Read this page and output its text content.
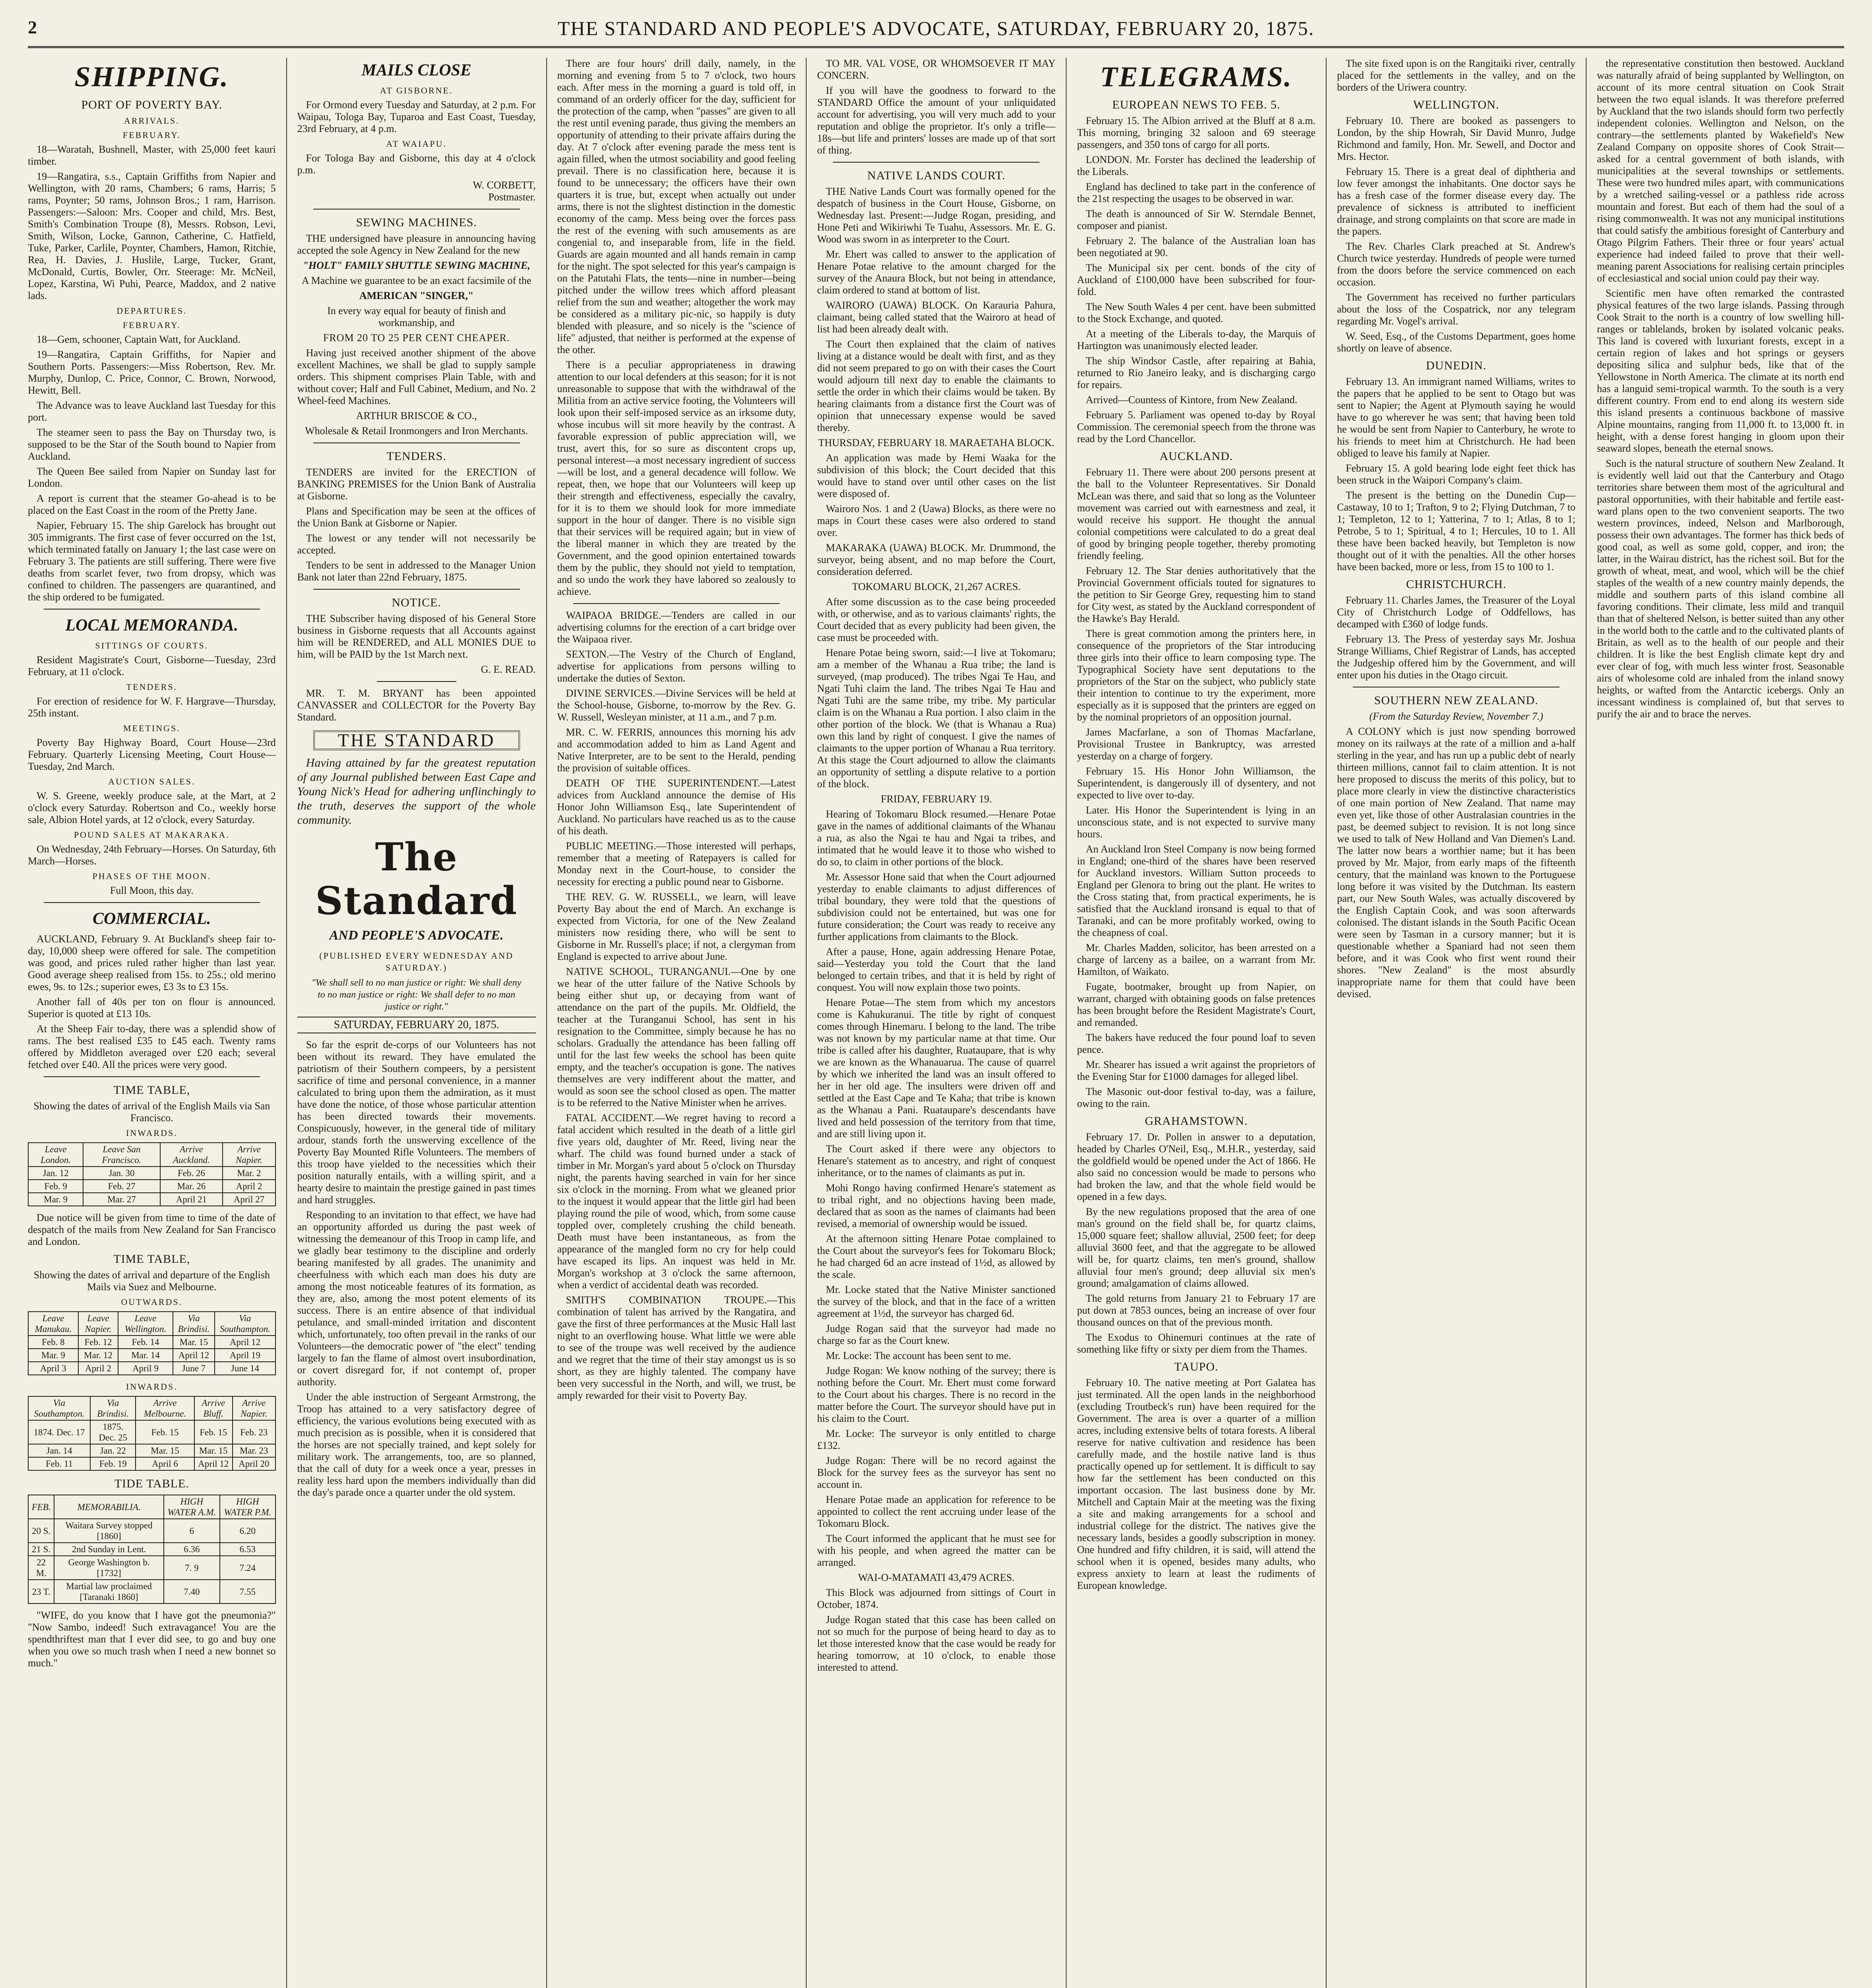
2	THE STANDARD AND PEOPLE'S ADVOCATE, SATURDAY, FEBRUARY 20, 1875.
SHIPPING.
PORT OF POVERTY BAY.
ARRIVALS.
FEBRUARY.

18—Waratah, Bushnell, Master, with 25,000 feet kauri timber.

19—Rangatira, s.s., Captain Griffiths from Napier and Wellington, with 20 rams, Chambers; 6 rams, Harris; 5 rams, Poynter; 50 rams, Johnson Bros.; 1 ram, Harrison. Passengers:—Saloon: Mrs. Cooper and child, Mrs. Best, Smith's Combination Troupe (8), Messrs. Robson, Levi, Smith, Wilson, Locke, Gannon, Catherine, C. Hatfield, Tuke, Parker, Carlile, Poynter, Chambers, Hamon, Ritchie, Rea, H. Davies, J. Huslile, Large, Tucker, Grant, McDonald, Curtis, Bowler, Orr. Steerage: Mr. McNeil, Lopez, Karstina, Wi Puhi, Pearce, Maddox, and 2 native lads.

DEPARTURES.
FEBRUARY.

18—Gem, schooner, Captain Watt, for Auckland.

19—Rangatira, Captain Griffiths, for Napier and Southern Ports. Passengers:—Miss Robertson, Rev. Mr. Murphy, Dunlop, C. Price, Connor, C. Brown, Norwood, Hewitt, Bell.

The Advance was to leave Auckland last Tuesday for this port.

The steamer seen to pass the Bay on Thursday two, is supposed to be the Star of the South bound to Napier from Auckland.

The Queen Bee sailed from Napier on Sunday last for London.

A report is current that the steamer Go-ahead is to be placed on the East Coast in the room of the Pretty Jane.

Napier, February 15. The ship Garelock has brought out 305 immigrants. The first case of fever occurred on the 1st, which terminated fatally on January 1; the last case were on February 3. The patients are still suffering. There were five deaths from scarlet fever, two from dropsy, which was confined to children. The passengers are quarantined, and the ship ordered to be fumigated.

LOCAL MEMORANDA.
SITTINGS OF COURTS.

Resident Magistrate's Court, Gisborne—Tuesday, 23rd February, at 11 o'clock.

TENDERS.

For erection of residence for W. F. Hargrave—Thursday, 25th instant.

MEETINGS.

Poverty Bay Highway Board, Court House—23rd February. Quarterly Licensing Meeting, Court House—Tuesday, 2nd March.

AUCTION SALES.

W. S. Greene, weekly produce sale, at the Mart, at 2 o'clock every Saturday. Robertson and Co., weekly horse sale, Albion Hotel yards, at 12 o'clock, every Saturday.

POUND SALES AT MAKARAKA.

On Wednesday, 24th February—Horses. On Saturday, 6th March—Horses.

PHASES OF THE MOON.

Full Moon, this day.

COMMERCIAL.

AUCKLAND, February 9. At Buckland's sheep fair to-day, 10,000 sheep were offered for sale. The competition was good, and prices ruled rather higher than last year. Good average sheep realised from 15s. to 25s.; old merino ewes, 9s. to 12s.; superior ewes, £3 3s to £3 15s.

Another fall of 40s per ton on flour is announced. Superior is quoted at £13 10s.

At the Sheep Fair to-day, there was a splendid show of rams. The best realised £35 to £45 each. Twenty rams offered by Middleton averaged over £20 each; several fetched over £40. All the prices were very good.

TIME TABLE,

Showing the dates of arrival of the English Mails via San Francisco.

INWARDS.
Leave London.	Leave San Francisco.	Arrive Auckland.	Arrive Napier.
Jan. 12	Jan. 30	Feb. 26	Mar. 2
Feb. 9	Feb. 27	Mar. 26	April 2
Mar. 9	Mar. 27	April 21	April 27

Due notice will be given from time to time of the date of despatch of the mails from New Zealand for San Francisco and London.

TIME TABLE,

Showing the dates of arrival and departure of the English Mails via Suez and Melbourne.

OUTWARDS.
Leave Manukau.	Leave Napier.	Leave Wellington.	Via Brindisi.	Via Southampton.
Feb. 8	Feb. 12	Feb. 14	Mar. 15	April 12
Mar. 9	Mar. 12	Mar. 14	April 12	April 19
April 3	April 2	April 9	June 7	June 14
INWARDS.
Via Southampton.	Via Brindisi.	Arrive Melbourne.	Arrive Bluff.	Arrive Napier.
1874. Dec. 17	1875. Dec. 25	Feb. 15	Feb. 15	Feb. 23
Jan. 14	Jan. 22	Mar. 15	Mar. 15	Mar. 23
Feb. 11	Feb. 19	April 6	April 12	April 20
TIDE TABLE.
FEB.	MEMORABILIA.	HIGH WATER A.M.	HIGH WATER P.M.
20 S.	Waitara Survey stopped [1860]	6	6.20
21 S.	2nd Sunday in Lent.	6.36	6.53
22 M.	George Washington b. [1732]	7. 9	7.24
23 T.	Martial law proclaimed [Taranaki 1860]	7.40	7.55

"WIFE, do you know that I have got the pneumonia?" "Now Sambo, indeed! Such extravagance! You are the spendthriftest man that I ever did see, to go and buy one when you owe so much trash when I need a new bonnet so much."

MAILS CLOSE
AT GISBORNE.

For Ormond every Tuesday and Saturday, at 2 p.m. For Waipau, Tologa Bay, Tuparoa and East Coast, Tuesday, 23rd February, at 4 p.m.

AT WAIAPU.

For Tologa Bay and Gisborne, this day at 4 o'clock p.m.

W. CORBETT,
Postmaster.
SEWING MACHINES.

THE undersigned have pleasure in announcing having accepted the sole Agency in New Zealand for the new

"HOLT" FAMILY SHUTTLE SEWING MACHINE,

A Machine we guarantee to be an exact facsimile of the

AMERICAN "SINGER,"

In every way equal for beauty of finish and workmanship, and

FROM 20 TO 25 PER CENT CHEAPER.

Having just received another shipment of the above excellent Machines, we shall be glad to supply sample orders. This shipment comprises Plain Table, with and without cover; Half and Full Cabinet, Medium, and No. 2 Wheel-feed Machines.

ARTHUR BRISCOE & CO.,

Wholesale & Retail Ironmongers and Iron Merchants.

TENDERS.

TENDERS are invited for the ERECTION of BANKING PREMISES for the Union Bank of Australia at Gisborne.

Plans and Specification may be seen at the offices of the Union Bank at Gisborne or Napier.

The lowest or any tender will not necessarily be accepted.

Tenders to be sent in addressed to the Manager Union Bank not later than 22nd February, 1875.

NOTICE.

THE Subscriber having disposed of his General Store business in Gisborne requests that all Accounts against him will be RENDERED, and ALL MONIES DUE to him, will be PAID by the 1st March next.

G. E. READ.

MR. T. M. BRYANT has been appointed CANVASSER and COLLECTOR for the Poverty Bay Standard.

THE STANDARD

Having attained by far the greatest reputation of any Journal published between East Cape and Young Nick's Head for adhering unflinchingly to the truth, deserves the support of the whole community.

The Standard
AND PEOPLE'S ADVOCATE.
(PUBLISHED EVERY WEDNESDAY AND SATURDAY.)
"We shall sell to no man justice or right: We shall deny to no man justice or right: We shall defer to no man justice or right."
SATURDAY, FEBRUARY 20, 1875.

So far the esprit de-corps of our Volunteers has not been without its reward. They have emulated the patriotism of their Southern compeers, by a persistent sacrifice of time and personal convenience, in a manner calculated to bring upon them the admiration, as it must have done the notice, of those whose particular attention has been directed towards their movements. Conspicuously, however, in the general tide of military ardour, stands forth the unswerving excellence of the Poverty Bay Mounted Rifle Volunteers. The members of this troop have yielded to the necessities which their position naturally entails, with a willing spirit, and a hearty desire to maintain the prestige gained in past times and hard struggles.

Responding to an invitation to that effect, we have had an opportunity afforded us during the past week of witnessing the demeanour of this Troop in camp life, and we gladly bear testimony to the discipline and orderly bearing manifested by all grades. The unanimity and cheerfulness with which each man does his duty are among the most noticeable features of its formation, as they are, also, among the most potent elements of its success. There is an entire absence of that individual petulance, and small-minded irritation and discontent which, unfortunately, too often prevail in the ranks of our Volunteers—the democratic power of "the elect" tending largely to fan the flame of almost overt insubordination, or covert disregard for, if not contempt of, proper authority.

Under the able instruction of Sergeant Armstrong, the Troop has attained to a very satisfactory degree of efficiency, the various evolutions being executed with as much precision as is possible, when it is considered that the horses are not specially trained, and kept solely for military work. The arrangements, too, are so planned, that the call of duty for a week once a year, presses in reality less hard upon the members individually than did the day's parade once a quarter under the old system.

There are four hours' drill daily, namely, in the morning and evening from 5 to 7 o'clock, two hours each. After mess in the morning a guard is told off, in command of an orderly officer for the day, sufficient for the protection of the camp, when "passes" are given to all the rest until evening parade, thus giving the members an opportunity of attending to their private affairs during the day. At 7 o'clock after evening parade the mess tent is again filled, when the utmost sociability and good feeling prevail. There is no classification here, because it is found to be unnecessary; the officers have their own quarters it is true, but, except when actually out under arms, there is not the slightest distinction in the domestic economy of the camp. Mess being over the forces pass the rest of the evening with such amusements as are congenial to, and inseparable from, life in the field. Guards are again mounted and all hands remain in camp for the night. The spot selected for this year's campaign is on the Patutahi Flats, the tents—nine in number—being pitched under the willow trees which afford pleasant relief from the sun and weather; altogether the work may be considered as a military pic-nic, so happily is duty blended with pleasure, and so nicely is the "science of life" adjusted, that neither is performed at the expense of the other.

There is a peculiar appropriateness in drawing attention to our local defenders at this season; for it is not unreasonable to suppose that with the withdrawal of the Militia from an active service footing, the Volunteers will look upon their self-imposed service as an irksome duty, whose incubus will sit more heavily by the contrast. A favorable expression of public appreciation will, we trust, avert this, for so sure as discontent crops up, personal interest—a most necessary ingredient of success—will be lost, and a general decadence will follow. We repeat, then, we hope that our Volunteers will keep up their strength and effectiveness, especially the cavalry, for it is to them we should look for more immediate support in the hour of danger. There is no visible sign that their services will be required again; but in view of the liberal manner in which they are treated by the Government, and the good opinion entertained towards them by the public, they should not yield to temptation, and so undo the work they have labored so zealously to achieve.

WAIPAOA BRIDGE.—Tenders are called in our advertising columns for the erection of a cart bridge over the Waipaoa river.

SEXTON.—The Vestry of the Church of England, advertise for applications from persons willing to undertake the duties of Sexton.

DIVINE SERVICES.—Divine Services will be held at the School-house, Gisborne, to-morrow by the Rev. G. W. Russell, Wesleyan minister, at 11 a.m., and 7 p.m.

MR. C. W. FERRIS, announces this morning his adv and accommodation added to him as Land Agent and Native Interpreter, are to be sent to the Herald, pending the provision of suitable offices.

DEATH OF THE SUPERINTENDENT.—Latest advices from Auckland announce the demise of His Honor John Williamson Esq., late Superintendent of Auckland. No particulars have reached us as to the cause of his death.

PUBLIC MEETING.—Those interested will perhaps, remember that a meeting of Ratepayers is called for Monday next in the Court-house, to consider the necessity for erecting a public pound near to Gisborne.

THE REV. G. W. RUSSELL, we learn, will leave Poverty Bay about the end of March. An exchange is expected from Victoria, for one of the New Zealand ministers now residing there, who will be sent to Gisborne in Mr. Russell's place; if not, a clergyman from England is expected to arrive about June.

NATIVE SCHOOL, TURANGANUI.—One by one we hear of the utter failure of the Native Schools by being either shut up, or decaying from want of attendance on the part of the pupils. Mr. Oldfield, the teacher at the Turanganui School, has sent in his resignation to the Committee, simply because he has no scholars. Gradually the attendance has been falling off until for the last few weeks the school has been quite empty, and the teacher's occupation is gone. The natives themselves are very indifferent about the matter, and would as soon see the school closed as open. The matter is to be referred to the Native Minister when he arrives.

FATAL ACCIDENT.—We regret having to record a fatal accident which resulted in the death of a little girl five years old, daughter of Mr. Reed, living near the wharf. The child was found burned under a stack of timber in Mr. Morgan's yard about 5 o'clock on Thursday night, the parents having searched in vain for her since six o'clock in the morning. From what we gleaned prior to the inquest it would appear that the little girl had been playing round the pile of wood, which, from some cause toppled over, completely crushing the child beneath. Death must have been instantaneous, as from the appearance of the mangled form no cry for help could have escaped its lips. An inquest was held in Mr. Morgan's workshop at 3 o'clock the same afternoon, when a verdict of accidental death was recorded.

SMITH'S COMBINATION TROUPE.—This combination of talent has arrived by the Rangatira, and gave the first of three performances at the Music Hall last night to an overflowing house. What little we were able to see of the troupe was well received by the audience and we regret that the time of their stay amongst us is so short, as they are highly talented. The company have been very successful in the North, and will, we trust, be amply rewarded for their visit to Poverty Bay.

TO MR. VAL VOSE, OR WHOMSOEVER IT MAY CONCERN.

If you will have the goodness to forward to the STANDARD Office the amount of your unliquidated account for advertising, you will very much add to your reputation and oblige the proprietor. It's only a trifle—18s—but life and printers' losses are made up of that sort of thing.

NATIVE LANDS COURT.

THE Native Lands Court was formally opened for the despatch of business in the Court House, Gisborne, on Wednesday last. Present:—Judge Rogan, presiding, and Hone Peti and Wikiriwhi Te Tuahu, Assessors. Mr. E. G. Wood was sworn in as interpreter to the Court.

Mr. Ehert was called to answer to the application of Henare Potae relative to the amount charged for the survey of the Anaura Block, but not being in attendance, claim ordered to stand at bottom of list.

WAIRORO (UAWA) BLOCK. On Karauria Pahura, claimant, being called stated that the Wairoro at head of list had been already dealt with.

The Court then explained that the claim of natives living at a distance would be dealt with first, and as they did not seem prepared to go on with their cases the Court would adjourn till next day to enable the claimants to settle the order in which their claims would be taken. By hearing claimants from a distance first the Court was of opinion that unnecessary expense would be saved thereby.

THURSDAY, FEBRUARY 18. MARAETAHA BLOCK.

An application was made by Hemi Waaka for the subdivision of this block; the Court decided that this would have to stand over until other cases on the list were disposed of.

Wairoro Nos. 1 and 2 (Uawa) Blocks, as there were no maps in Court these cases were also ordered to stand over.

MAKARAKA (UAWA) BLOCK. Mr. Drummond, the surveyor, being absent, and no map before the Court, consideration deferred.

TOKOMARU BLOCK, 21,267 ACRES.

After some discussion as to the case being proceeded with, or otherwise, and as to various claimants' rights, the Court decided that as every publicity had been given, the case must be proceeded with.

Henare Potae being sworn, said:—I live at Tokomaru; am a member of the Whanau a Rua tribe; the land is surveyed, (map produced). The tribes Ngai Te Hau, and Ngati Tuhi claim the land. The tribes Ngai Te Hau and Ngati Tuhi are the same tribe, my tribe. My particular claim is on the Whanau a Rua portion. I also claim in the other portion of the block. We (that is Whanau a Rua) own this land by right of conquest. I give the names of claimants to the upper portion of Whanau a Rua territory. At this stage the Court adjourned to allow the claimants an opportunity of settling a dispute relative to a portion of the block.

FRIDAY, FEBRUARY 19.

Hearing of Tokomaru Block resumed.—Henare Potae gave in the names of additional claimants of the Whanau a rua, as also the Ngai te hau and Ngai ta tribes, and intimated that he would leave it to those who wished to do so, to claim in other portions of the block.

Mr. Assessor Hone said that when the Court adjourned yesterday to enable claimants to adjust differences of tribal boundary, they were told that the questions of subdivision could not be entertained, but was one for future consideration; the Court was ready to receive any further applications from claimants to the Block.

After a pause, Hone, again addressing Henare Potae, said—Yesterday you told the Court that the land belonged to certain tribes, and that it is held by right of conquest. You will now explain those two points.

Henare Potae—The stem from which my ancestors come is Kahukuranui. The title by right of conquest comes through Hinemaru. I belong to the land. The tribe was not known by my particular name at that time. Our tribe is called after his daughter, Ruataupare, that is why we are known as the Whanauarua. The cause of quarrel by which we inherited the land was an insult offered to her in her old age. The insulters were driven off and settled at the East Cape and Te Kaha; that tribe is known as the Whanau a Pani. Ruataupare's descendants have lived and held possession of the territory from that time, and are still living upon it.

The Court asked if there were any objectors to Henare's statement as to ancestry, and right of conquest inheritance, or to the names of claimants as put in.

Mohi Rongo having confirmed Henare's statement as to tribal right, and no objections having been made, declared that as soon as the names of claimants had been revised, a memorial of ownership would be issued.

At the afternoon sitting Henare Potae complained to the Court about the surveyor's fees for Tokomaru Block; he had charged 6d an acre instead of 1½d, as allowed by the scale.

Mr. Locke stated that the Native Minister sanctioned the survey of the block, and that in the face of a written agreement at 1½d, the surveyor has charged 6d.

Judge Rogan said that the surveyor had made no charge so far as the Court knew.

Mr. Locke: The account has been sent to me.

Judge Rogan: We know nothing of the survey; there is nothing before the Court. Mr. Ehert must come forward to the Court about his charges. There is no record in the matter before the Court. The surveyor should have put in his claim to the Court.

Mr. Locke: The surveyor is only entitled to charge £132.

Judge Rogan: There will be no record against the Block for the survey fees as the surveyor has sent no account in.

Henare Potae made an application for reference to be appointed to collect the rent accruing under lease of the Tokomaru Block.

The Court informed the applicant that he must see for with his people, and when agreed the matter can be arranged.

WAI-O-MATAMATI 43,479 ACRES.

This Block was adjourned from sittings of Court in October, 1874.

Judge Rogan stated that this case has been called on not so much for the purpose of being heard to day as to let those interested know that the case would be ready for hearing tomorrow, at 10 o'clock, to enable those interested to attend.

TELEGRAMS.
EUROPEAN NEWS TO FEB. 5.

February 15. The Albion arrived at the Bluff at 8 a.m. This morning, bringing 32 saloon and 69 steerage passengers, and 350 tons of cargo for all ports.

LONDON. Mr. Forster has declined the leadership of the Liberals.

England has declined to take part in the conference of the 21st respecting the usages to be observed in war.

The death is announced of Sir W. Sterndale Bennet, composer and pianist.

February 2. The balance of the Australian loan has been negotiated at 90.

The Municipal six per cent. bonds of the city of Auckland of £100,000 have been subscribed for four-fold.

The New South Wales 4 per cent. have been submitted to the Stock Exchange, and quoted.

At a meeting of the Liberals to-day, the Marquis of Hartington was unanimously elected leader.

The ship Windsor Castle, after repairing at Bahia, returned to Rio Janeiro leaky, and is discharging cargo for repairs.

Arrived—Countess of Kintore, from New Zealand.

February 5. Parliament was opened to-day by Royal Commission. The ceremonial speech from the throne was read by the Lord Chancellor.

AUCKLAND.

February 11. There were about 200 persons present at the ball to the Volunteer Representatives. Sir Donald McLean was there, and said that so long as the Volunteer movement was carried out with earnestness and zeal, it would receive his support. He thought the annual colonial competitions were calculated to do a great deal of good by bringing people together, thereby promoting friendly feeling.

February 12. The Star denies authoritatively that the Provincial Government officials touted for signatures to the petition to Sir George Grey, requesting him to stand for City west, as stated by the Auckland correspondent of the Hawke's Bay Herald.

There is great commotion among the printers here, in consequence of the proprietors of the Star introducing three girls into their office to learn composing type. The Typographical Society have sent deputations to the proprietors of the Star on the subject, who publicly state their intention to continue to try the experiment, more especially as it is supposed that the printers are egged on by the nominal proprietors of an opposition journal.

James Macfarlane, a son of Thomas Macfarlane, Provisional Trustee in Bankruptcy, was arrested yesterday on a charge of forgery.

February 15. His Honor John Williamson, the Superintendent, is dangerously ill of dysentery, and not expected to live over to-day.

Later. His Honor the Superintendent is lying in an unconscious state, and is not expected to survive many hours.

An Auckland Iron Steel Company is now being formed in England; one-third of the shares have been reserved for Auckland investors. William Sutton proceeds to England per Glenora to bring out the plant. He writes to the Cross stating that, from practical experiments, he is satisfied that the Auckland ironsand is equal to that of Taranaki, and can be more profitably worked, owing to the cheapness of coal.

Mr. Charles Madden, solicitor, has been arrested on a charge of larceny as a bailee, on a warrant from Mr. Hamilton, of Waikato.

Fugate, bootmaker, brought up from Napier, on warrant, charged with obtaining goods on false pretences has been brought before the Resident Magistrate's Court, and remanded.

The bakers have reduced the four pound loaf to seven pence.

Mr. Shearer has issued a writ against the proprietors of the Evening Star for £1000 damages for alleged libel.

The Masonic out-door festival to-day, was a failure, owing to the rain.

GRAHAMSTOWN.

February 17. Dr. Pollen in answer to a deputation, headed by Charles O'Neil, Esq., M.H.R., yesterday, said the goldfield would be opened under the Act of 1866. He also said no concession would be made to persons who had broken the law, and that the whole field would be opened in a few days.

By the new regulations proposed that the area of one man's ground on the field shall be, for quartz claims, 15,000 square feet; shallow alluvial, 2500 feet; for deep alluvial 3600 feet, and that the aggregate to be allowed will be, for quartz claims, ten men's ground, shallow alluvial four men's ground; deep alluvial six men's ground; amalgamation of claims allowed.

The gold returns from January 21 to February 17 are put down at 7853 ounces, being an increase of over four thousand ounces on that of the previous month.

The Exodus to Ohinemuri continues at the rate of something like fifty or sixty per diem from the Thames.

TAUPO.

February 10. The native meeting at Port Galatea has just terminated. All the open lands in the neighborhood (excluding Troutbeck's run) have been required for the Government. The area is over a quarter of a million acres, including extensive belts of totara forests. A liberal reserve for native cultivation and residence has been carefully made, and the hostile native land is thus practically opened up for settlement. It is difficult to say how far the settlement has been conducted on this important occasion. The last business done by Mr. Mitchell and Captain Mair at the meeting was the fixing a site and making arrangements for a school and industrial college for the district. The natives give the necessary lands, besides a goodly subscription in money. One hundred and fifty children, it is said, will attend the school when it is opened, besides many adults, who express anxiety to learn at least the rudiments of European knowledge.

The site fixed upon is on the Rangitaiki river, centrally placed for the settlements in the valley, and on the borders of the Uriwera country.

WELLINGTON.

February 10. There are booked as passengers to London, by the ship Howrah, Sir David Munro, Judge Richmond and family, Hon. Mr. Sewell, and Doctor and Mrs. Hector.

February 15. There is a great deal of diphtheria and low fever amongst the inhabitants. One doctor says he has a fresh case of the former disease every day. The prevalence of sickness is attributed to inefficient drainage, and strong complaints on that score are made in the papers.

The Rev. Charles Clark preached at St. Andrew's Church twice yesterday. Hundreds of people were turned from the doors before the service commenced on each occasion.

The Government has received no further particulars about the loss of the Cospatrick, nor any telegram regarding Mr. Vogel's arrival.

W. Seed, Esq., of the Customs Department, goes home shortly on leave of absence.

DUNEDIN.

February 13. An immigrant named Williams, writes to the papers that he applied to be sent to Otago but was sent to Napier; the Agent at Plymouth saying he would have to go wherever he was sent; that having been told he would be sent from Napier to Canterbury, he wrote to his friends to meet him at Christchurch. He had been obliged to leave his family at Napier.

February 15. A gold bearing lode eight feet thick has been struck in the Waipori Company's claim.

The present is the betting on the Dunedin Cup—Castaway, 10 to 1; Trafton, 9 to 2; Flying Dutchman, 7 to 1; Templeton, 12 to 1; Yatterina, 7 to 1; Atlas, 8 to 1; Petrobe, 5 to 1; Spiritual, 4 to 1; Hercules, 10 to 1. All these have been backed heavily, but Templeton is now thought out of it with the penalties. All the other horses have been backed, more or less, from 15 to 100 to 1.

CHRISTCHURCH.

February 11. Charles James, the Treasurer of the Loyal City of Christchurch Lodge of Oddfellows, has decamped with £360 of lodge funds.

February 13. The Press of yesterday says Mr. Joshua Strange Williams, Chief Registrar of Lands, has accepted the Judgeship offered him by the Government, and will enter upon his duties in the Otago circuit.

SOUTHERN NEW ZEALAND.

(From the Saturday Review, November 7.)

A COLONY which is just now spending borrowed money on its railways at the rate of a million and a-half sterling in the year, and has run up a public debt of nearly thirteen millions, cannot fail to claim attention. It is not here proposed to discuss the merits of this policy, but to place more clearly in view the distinctive characteristics of one main portion of New Zealand. That name may even yet, like those of other Australasian countries in the past, be deemed subject to revision. It is not long since we used to talk of New Holland and Van Diemen's Land. The latter now bears a worthier name; but it has been proved by Mr. Major, from early maps of the fifteenth century, that the mainland was known to the Portuguese long before it was visited by the Dutchman. Its eastern part, our New South Wales, was actually discovered by the English Captain Cook, and was soon afterwards colonised. The distant islands in the South Pacific Ocean were seen by Tasman in a cursory manner; but it is questionable whether a Spaniard had not seen them before, and it was Cook who first went round their shores. "New Zealand" is the most absurdly inappropriate name for them that could have been devised.

the representative constitution then bestowed. Auckland was naturally afraid of being supplanted by Wellington, on account of its more central situation on Cook Strait between the two equal islands. It was therefore preferred by Auckland that the two islands should form two perfectly independent colonies. Wellington and Nelson, on the contrary—the settlements planted by Wakefield's New Zealand Company on opposite shores of Cook Strait—asked for a central government of both islands, with municipalities at the several townships or settlements. These were two hundred miles apart, with communications by a wretched sailing-vessel or a pathless ride across mountain and forest. But each of them had the soul of a rising commonwealth. It was not any municipal institutions that could satisfy the ambitious foresight of Canterbury and Otago Pilgrim Fathers. Their three or four years' actual experience had indeed failed to prove that their well-meaning parent Associations for realising certain principles of ecclesiastical and social union could pay their way.

Scientific men have often remarked the contrasted physical features of the two large islands. Passing through Cook Strait to the north is a country of low swelling hill-ranges or tablelands, broken by isolated volcanic peaks. This land is covered with luxuriant forests, except in a certain region of lakes and hot springs or geysers depositing silica and sulphur beds, like that of the Yellowstone in North America. The climate at its north end has a languid semi-tropical warmth. To the south is a very different country. From end to end along its western side this island presents a continuous backbone of massive Alpine mountains, ranging from 11,000 ft. to 13,000 ft. in height, with a dense forest hanging in gloom upon their seaward slopes, beneath the eternal snows.

Such is the natural structure of southern New Zealand. It is evidently well laid out that the Canterbury and Otago territories share between them most of the agricultural and pastoral opportunities, with their habitable and fertile east-ward plans open to the two convenient seaports. The two western provinces, indeed, Nelson and Marlborough, possess their own advantages. The former has thick beds of good coal, as well as some gold, copper, and iron; the latter, in the Wairau district, has the richest soil. But for the growth of wheat, meat, and wool, which will be the chief staples of the wealth of a new country mainly depends, the middle and southern parts of this island combine all favoring conditions. Their climate, less mild and tranquil than that of sheltered Nelson, is better suited than any other in the world both to the cattle and to the cultivated plants of Britain, as well as to the health of our people and their children. It is like the best English climate kept dry and ever clear of fog, with much less winter frost. Seasonable airs of wholesome cold are inhaled from the inland snowy heights, or wafted from the Antarctic icebergs. Only an incessant windiness is complained of, but that serves to purify the air and to brace the nerves.
